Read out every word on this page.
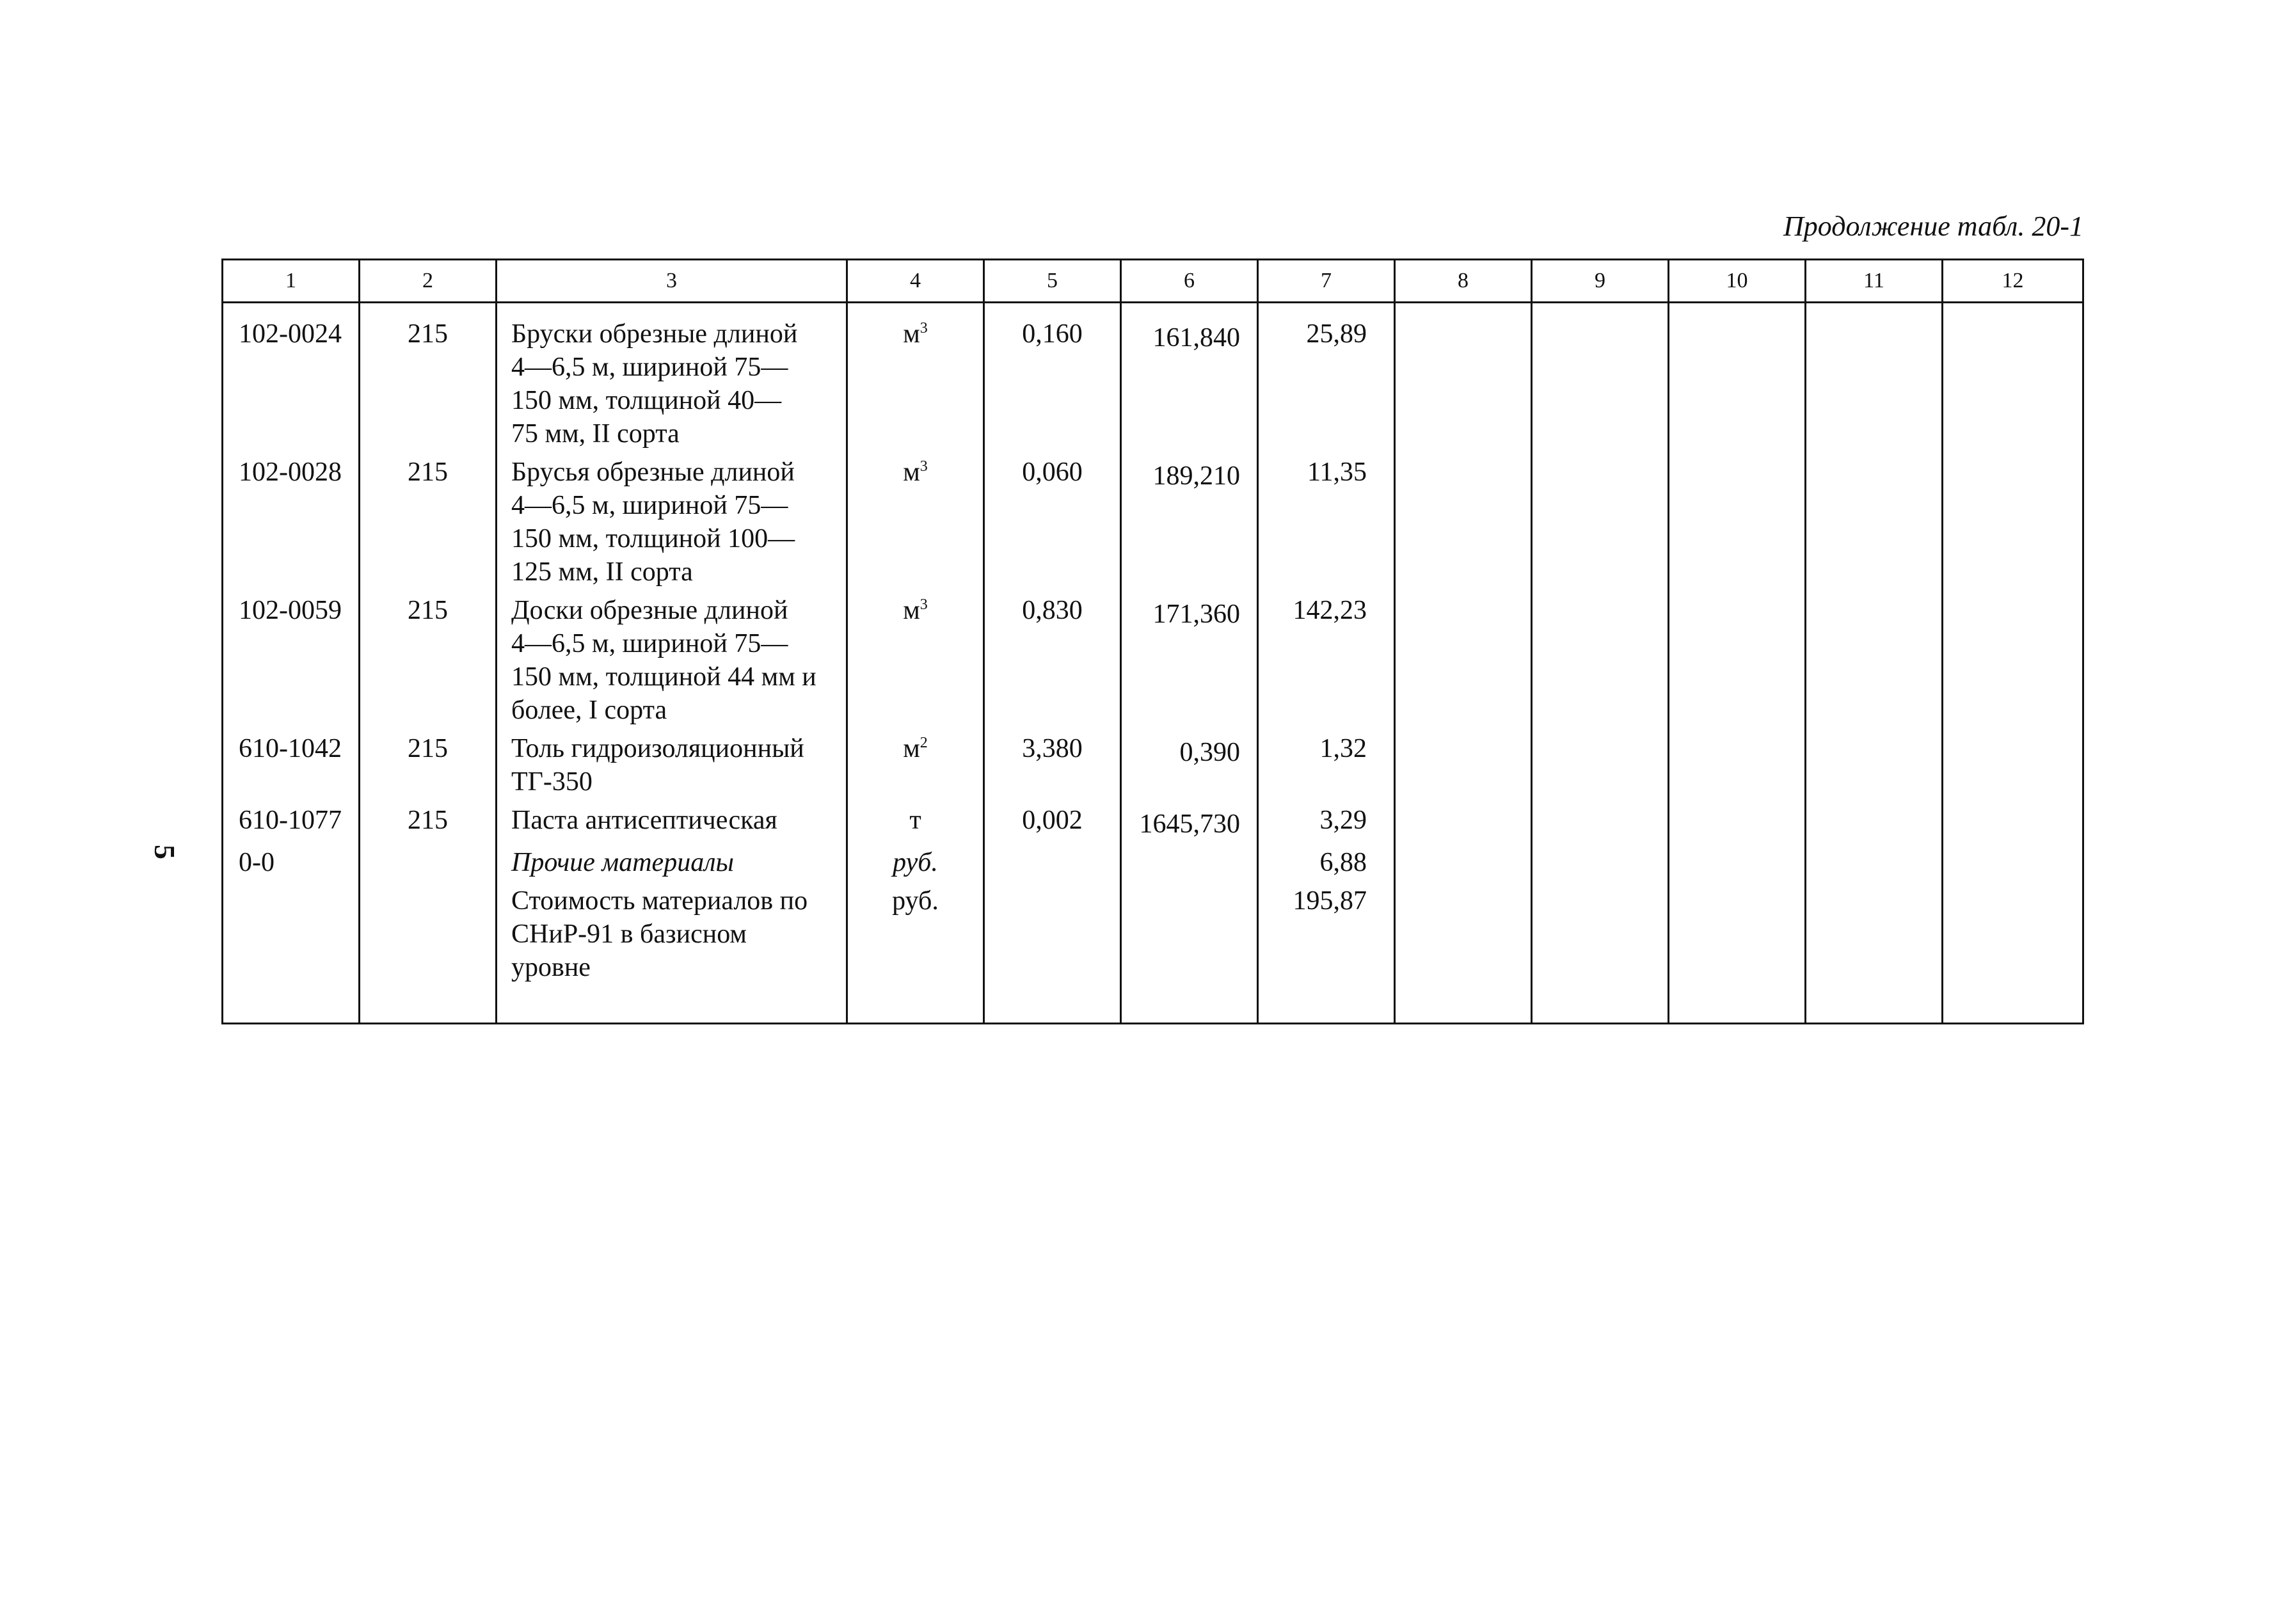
Продолжение табл. 20-1
5
1	2	3	4	5	6	7	8	9	10	11	12
102-0024	215	Бруски обрезные длиной
4—6,5 м, шириной 75—
150 мм, толщиной 40—
75 мм, II сорта	$м^3$	0,160	161,840	25,89					

102-0028	215	Брусья обрезные длиной
4—6,5 м, шириной 75—
150 мм, толщиной 100—
125 мм, II сорта	$м^3$	0,060	189,210	11,35					

102-0059	215	Доски обрезные длиной
4—6,5 м, шириной 75—
150 мм, толщиной 44 мм и
более, I сорта	$м^3$	0,830	171,360	142,23					

610-1042	215	Толь гидроизоляционный
ТГ-350	$м^2$	3,380	0,390	1,32					

610-1077	215	Паста антисептическая	т	0,002	1645,730	3,29					

0-0		Прочие материалы	руб.			6,88					

		Стоимость материалов по
СНиР-91 в базисном
уровне	руб.			195,87					
